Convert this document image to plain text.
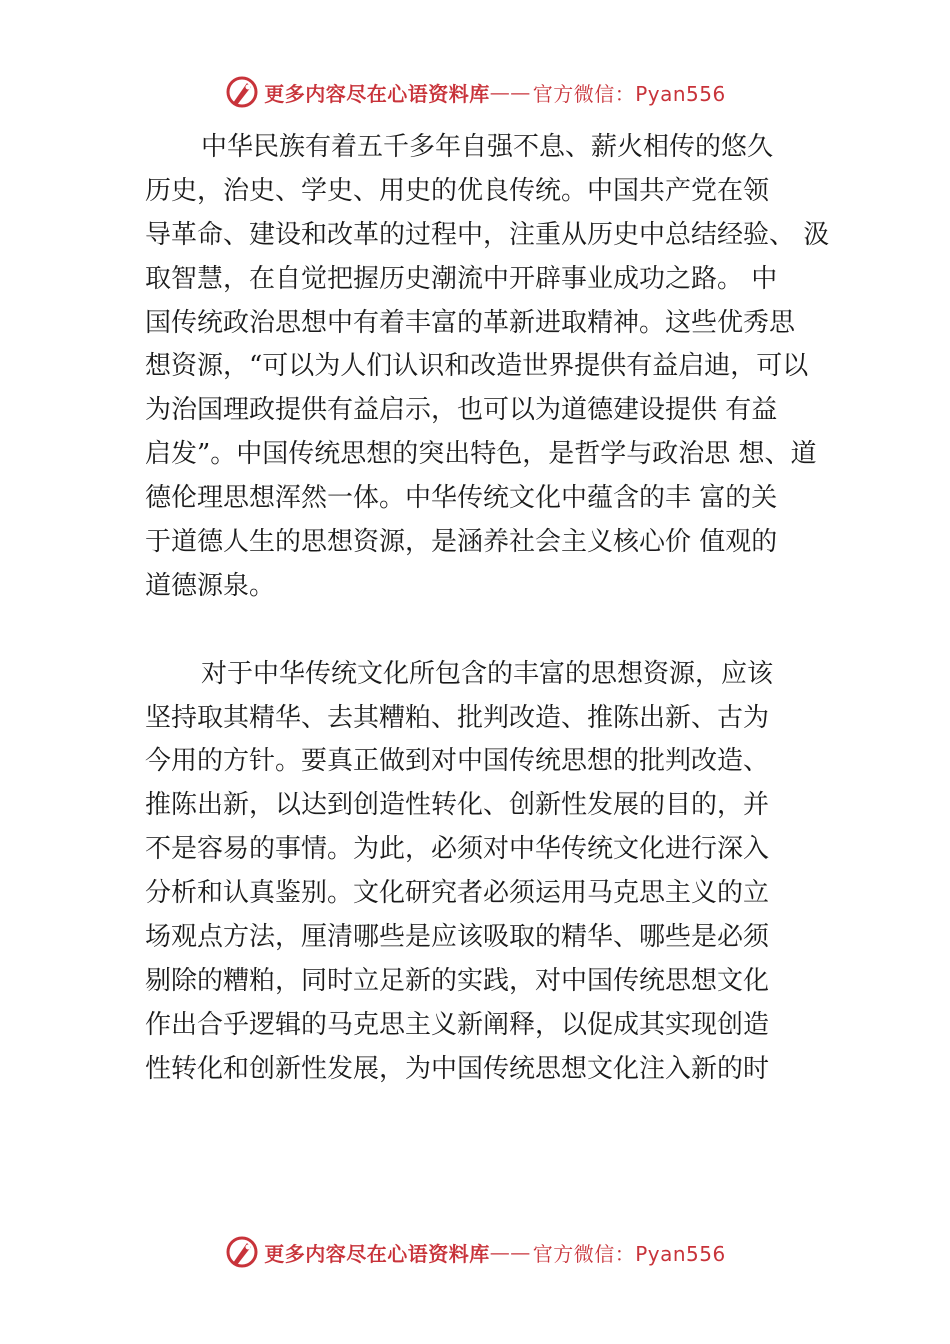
更多内容尽在心语资料库 —— 官方微信：Pyan556
中华民族有着五千多年自强不息、薪火相传的悠久
历史，治史、学史、用史的优良传统。中国共产党在领
导革命、建设和改革的过程中，注重从历史中总结经验、 汲
取智慧，在自觉把握历史潮流中开辟事业成功之路。 中
国传统政治思想中有着丰富的革新进取精神。这些优秀思
想资源，“可以为人们认识和改造世界提供有益启迪，可以
为治国理政提供有益启示，也可以为道德建设提供 有益
启发”。中国传统思想的突出特色，是哲学与政治思 想、道
德伦理思想浑然一体。中华传统文化中蕴含的丰 富的关
于道德人生的思想资源，是涵养社会主义核心价 值观的
道德源泉。
对于中华传统文化所包含的丰富的思想资源，应该
坚持取其精华、去其糟粕、批判改造、推陈出新、古为
今用的方针。要真正做到对中国传统思想的批判改造、
推陈出新，以达到创造性转化、创新性发展的目的，并
不是容易的事情。为此，必须对中华传统文化进行深入
分析和认真鉴别。文化研究者必须运用马克思主义的立
场观点方法，厘清哪些是应该吸取的精华、哪些是必须
剔除的糟粕，同时立足新的实践，对中国传统思想文化
作出合乎逻辑的马克思主义新阐释，以促成其实现创造
性转化和创新性发展，为中国传统思想文化注入新的时
更多内容尽在心语资料库 —— 官方微信：Pyan556
